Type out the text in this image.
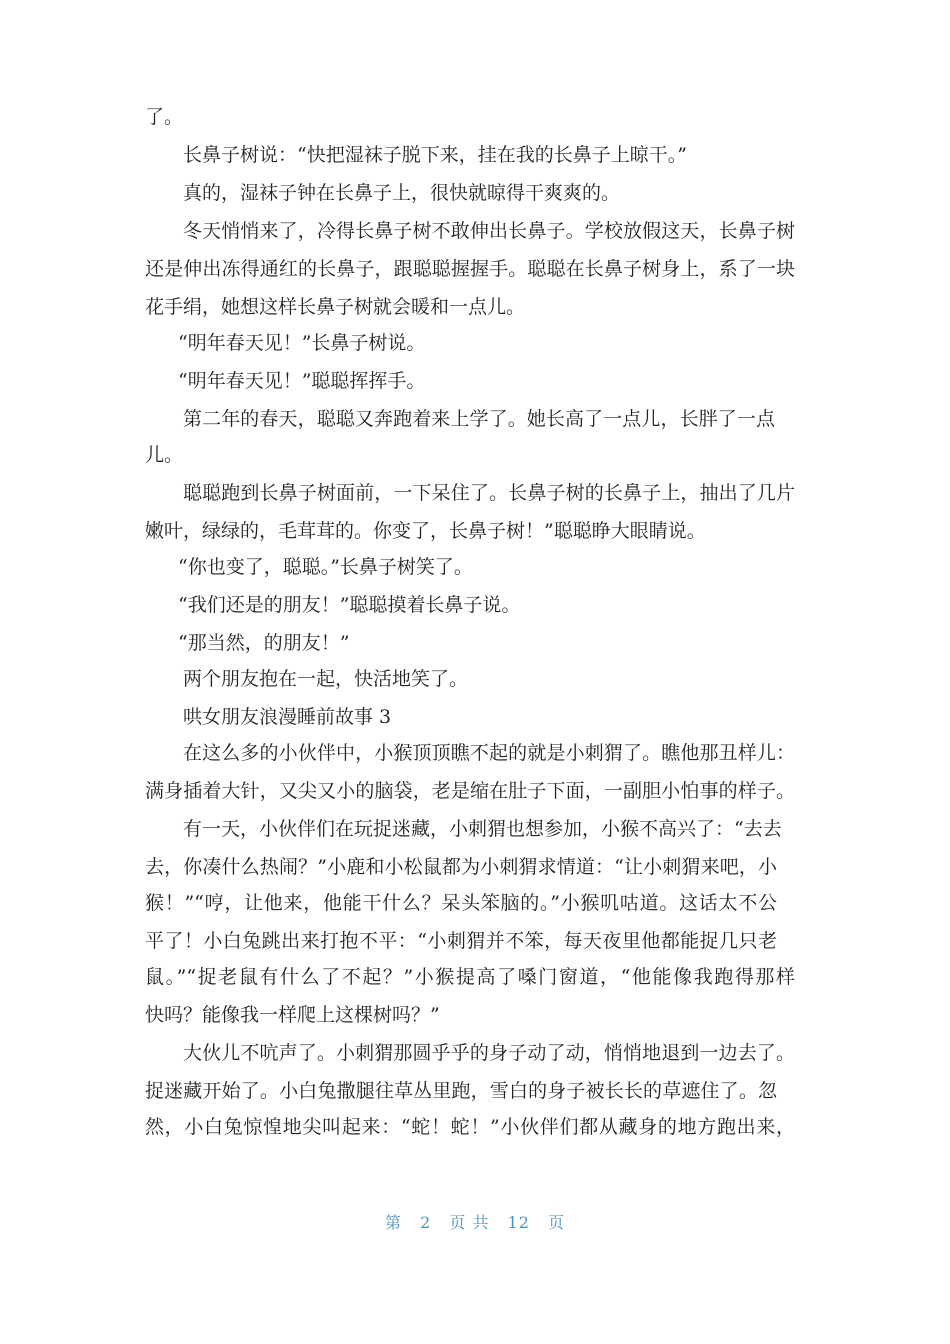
了。
长鼻子树说：“快把湿袜子脱下来，挂在我的长鼻子上晾干。”
真的，湿袜子钟在长鼻子上，很快就晾得干爽爽的。
冬天悄悄来了，冷得长鼻子树不敢伸出长鼻子。学校放假这天，长鼻子树
还是伸出冻得通红的长鼻子，跟聪聪握握手。聪聪在长鼻子树身上，系了一块
花手绢，她想这样长鼻子树就会暖和一点儿。
“明年春天见！”长鼻子树说。
“明年春天见！”聪聪挥挥手。
第二年的春天，聪聪又奔跑着来上学了。她长高了一点儿，长胖了一点
儿。
聪聪跑到长鼻子树面前，一下呆住了。长鼻子树的长鼻子上，抽出了几片
嫩叶，绿绿的，毛茸茸的。你变了，长鼻子树！”聪聪睁大眼睛说。
“你也变了，聪聪。”长鼻子树笑了。
“我们还是的朋友！”聪聪摸着长鼻子说。
“那当然，的朋友！”
两个朋友抱在一起，快活地笑了。
哄女朋友浪漫睡前故事 3
在这么多的小伙伴中，小猴顶顶瞧不起的就是小刺猬了。瞧他那丑样儿：
满身插着大针，又尖又小的脑袋，老是缩在肚子下面，一副胆小怕事的样子。
有一天，小伙伴们在玩捉迷藏，小刺猬也想参加，小猴不高兴了：“去去
去，你凑什么热闹？”小鹿和小松鼠都为小刺猬求情道：“让小刺猬来吧，小
猴！”“哼，让他来，他能干什么？呆头笨脑的。”小猴叽咕道。这话太不公
平了！小白兔跳出来打抱不平：“小刺猬并不笨，每天夜里他都能捉几只老
鼠。”“捉老鼠有什么了不起？”小猴提高了嗓门窗道，“他能像我跑得那样
快吗？能像我一样爬上这棵树吗？”
大伙儿不吭声了。小刺猬那圆乎乎的身子动了动，悄悄地退到一边去了。
捉迷藏开始了。小白兔撒腿往草丛里跑，雪白的身子被长长的草遮住了。忽
然，小白兔惊惶地尖叫起来：“蛇！蛇！”小伙伴们都从藏身的地方跑出来，
第 2 页 共 12 页
